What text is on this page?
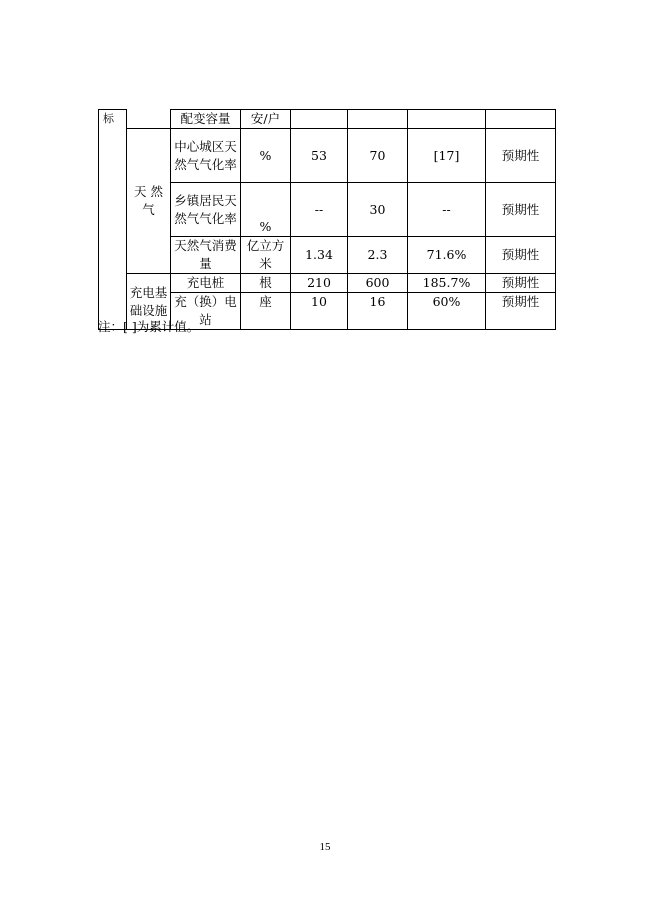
标		配变容量	安/户				
	天 然 气	中心城区天然气气化率	%	53	70	[17]	预期性
		乡镇居民天然气气化率	%	--	30	--	预期性
		天然气消费量	亿立方米	1.34	2.3	71.6%	预期性
	充电基础设施	充电桩	根	210	600	185.7%	预期性
		充（换）电站	座	10	16	60%	预期性
注：[ ]为累计值。
15
